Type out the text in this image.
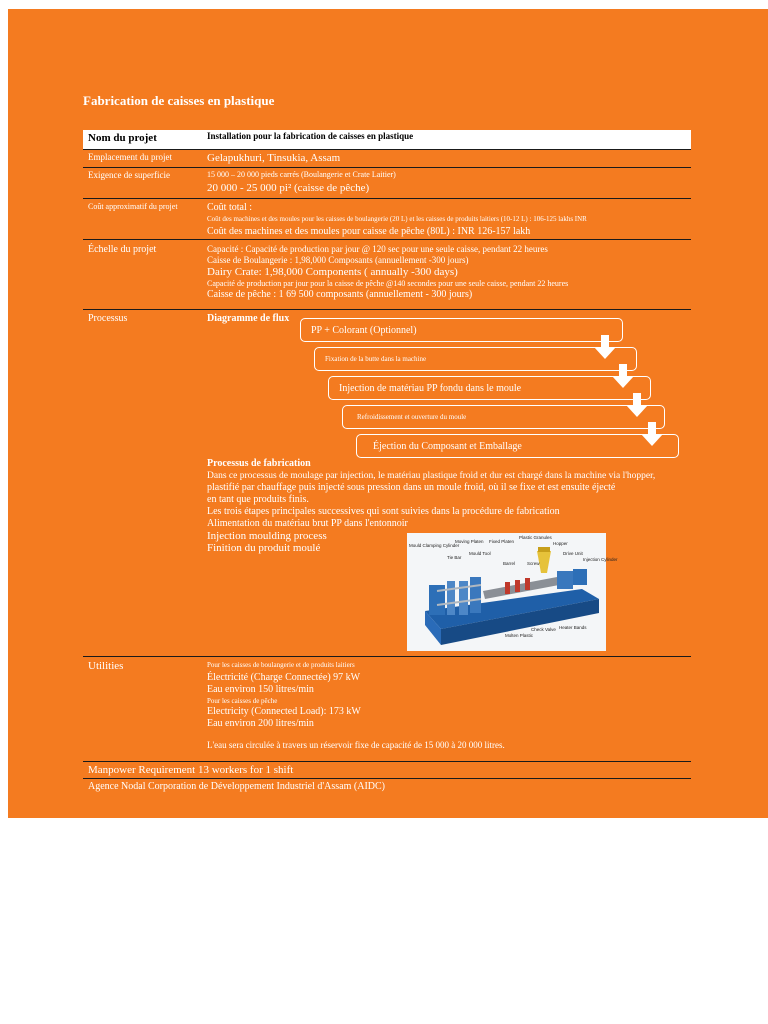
Fabrication de caisses en plastique
Nom du projet	Installation pour la fabrication de caisses en plastique
Emplacement du projet	Gelapukhuri, Tinsukia, Assam
Exigence de superficie	15 000 – 20 000 pieds carrés (Boulangerie et Crate Laitier)
20 000 - 25 000 pi² (caisse de pêche)
Coût approximatif du projet	Coût total :
Coût des machines et des moules pour les caisses de boulangerie (20 L) et les caisses de produits laitiers (10-12 L) : 106-125 lakhs INR
Coût des machines et des moules pour caisse de pêche (80L) : INR 126-157 lakh
Échelle du projet	Capacité : Capacité de production par jour @ 120 sec pour une seule caisse, pendant 22 heures
Caisse de Boulangerie : 1,98,000 Composants (annuellement -300 jours)
Dairy Crate: 1,98,000 Components ( annually -300 days)
Capacité de production par jour pour la caisse de pêche @140 secondes pour une seule caisse, pendant 22 heures
Caisse de pêche : 1 69 500 composants (annuellement - 300 jours)
Processus	Diagramme de flux
PP + Colorant (Optionnel)
Fixation de la butte dans la machine
Injection de matériau PP fondu dans le moule
Refroidissement et ouverture du moule
Éjection du Composant et Emballage
Processus de fabrication
Dans ce processus de moulage par injection, le matériau plastique froid et dur est chargé dans la machine via l'hopper,
plastifié par chauffage puis injecté sous pression dans un moule froid, où il se fixe et est ensuite éjecté
en tant que produits finis.
Les trois étapes principales successives qui sont suivies dans la procédure de fabrication
Alimentation du matériau brut PP dans l'entonnoir
Injection moulding process
Finition du produit moulé	Mould Clamping Cylinder
Moving Platen
Tie Bar
Mould Tool
Fixed Platen
Plastic Granules
Hopper
Barrel	Screw
Drive Unit
Injection Cylinder
Molten Plastic
Check Valve Heater Bands
Utilities	Pour les caisses de boulangerie et de produits laitiers
Électricité (Charge Connectée) 97 kW
Eau environ 150 litres/min
Pour les caisses de pêche
Electricity (Connected Load): 173 kW
Eau environ 200 litres/min
L'eau sera circulée à travers un réservoir fixe de capacité de 15 000 à 20 000 litres.
Manpower Requirement 13 workers for 1 shift
Agence Nodal Corporation de Développement Industriel d'Assam (AIDC)
